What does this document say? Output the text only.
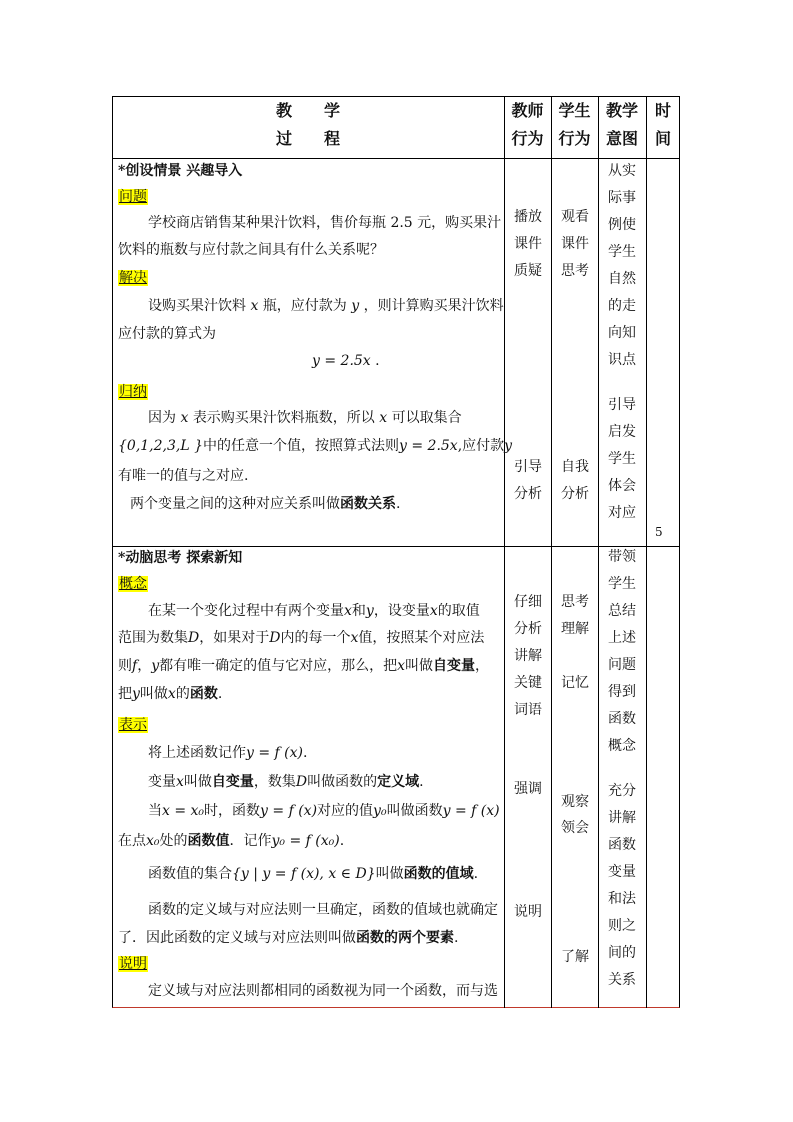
教　　学
过　　程
教师
行为
学生
行为
教学
意图
时
间
*创设情景 兴趣导入
问题
学校商店销售某种果汁饮料，售价每瓶 2.5 元，购买果汁
饮料的瓶数与应付款之间具有什么关系呢？
解决
设购买果汁饮料 x 瓶，应付款为 y ，则计算购买果汁饮料
应付款的算式为
y = 2.5x .
归纳
因为 x 表示购买果汁饮料瓶数，所以 x 可以取集合
{0,1,2,3,L }中的任意一个值，按照算式法则y = 2.5x,应付款y
有唯一的值与之对应.
两个变量之间的这种对应关系叫做函数关系.
播放
课件
质疑
引导
分析
观看
课件
思考
自我
分析
从实
际事
例使
学生
自然
的走
向知
识点
引导
启发
学生
体会
对应
5
*动脑思考 探索新知
概念
在某一个变化过程中有两个变量x和y，设变量x的取值
范围为数集D，如果对于D内的每一个x值，按照某个对应法
则f，y都有唯一确定的值与它对应，那么，把x叫做自变量，
把y叫做x的函数.
表示
将上述函数记作y = f (x).
变量x叫做自变量，数集D叫做函数的定义域.
当x = x₀时，函数y = f (x)对应的值y₀叫做函数y = f (x)
在点x₀处的函数值．记作y₀ = f (x₀).
函数值的集合{y | y = f (x), x ∈ D}叫做函数的值域.
函数的定义域与对应法则一旦确定，函数的值域也就确定
了．因此函数的定义域与对应法则叫做函数的两个要素.
说明
定义域与对应法则都相同的函数视为同一个函数，而与选
仔细
分析
讲解
关键
词语
强调
说明
思考
理解
记忆
观察
领会
了解
带领
学生
总结
上述
问题
得到
函数
概念
充分
讲解
函数
变量
和法
则之
间的
关系
